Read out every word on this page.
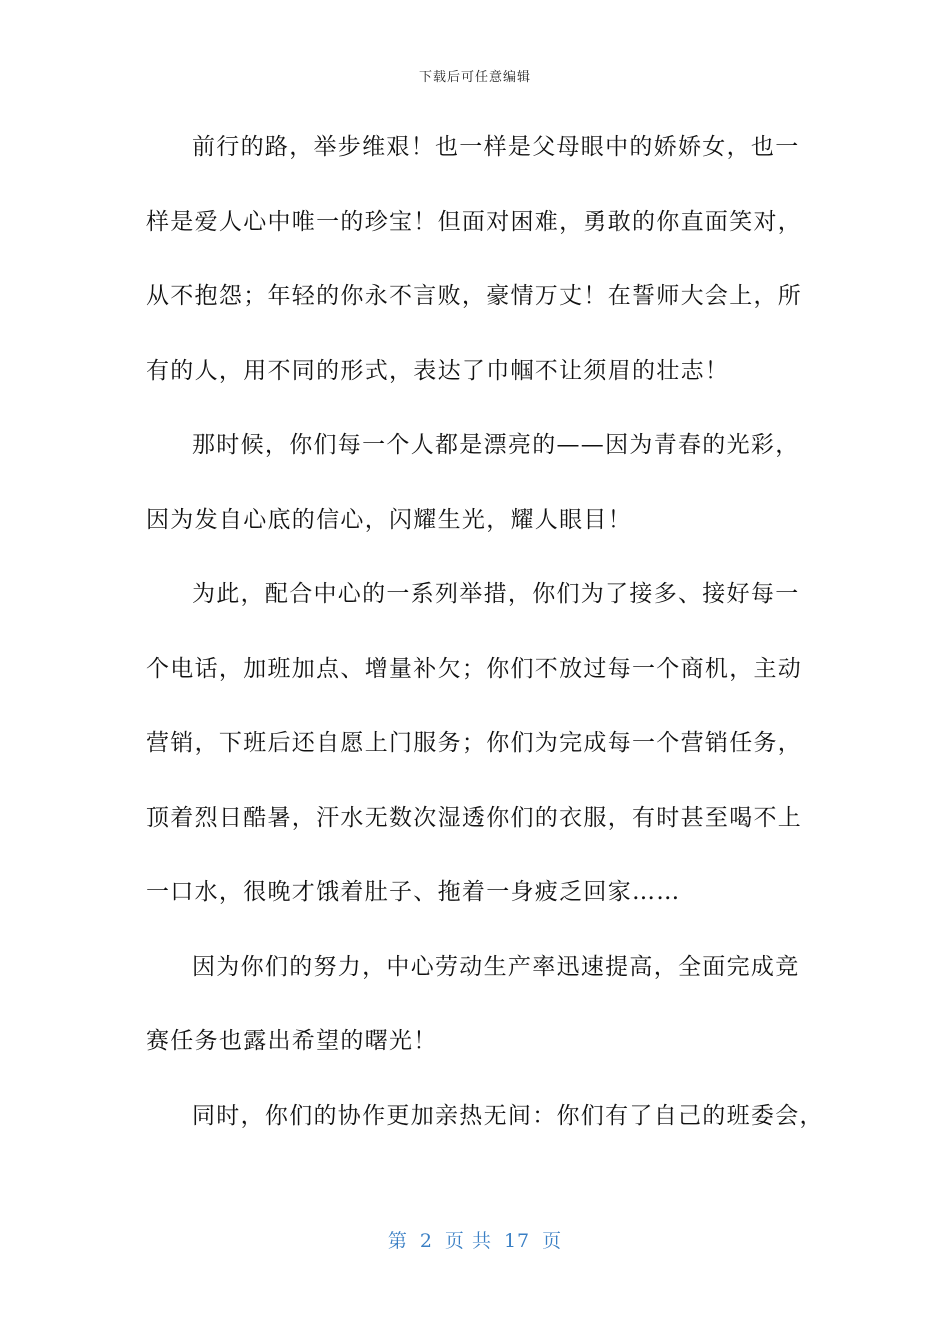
下载后可任意编辑
前行的路，举步维艰！也一样是父母眼中的娇娇女，也一
样是爱人心中唯一的珍宝！但面对困难，勇敢的你直面笑对，
从不抱怨；年轻的你永不言败，豪情万丈！在誓师大会上，所
有的人，用不同的形式，表达了巾帼不让须眉的壮志！
那时候，你们每一个人都是漂亮的——因为青春的光彩，
因为发自心底的信心，闪耀生光，耀人眼目！
为此，配合中心的一系列举措，你们为了接多、接好每一
个电话，加班加点、增量补欠；你们不放过每一个商机，主动
营销，下班后还自愿上门服务；你们为完成每一个营销任务，
顶着烈日酷暑，汗水无数次湿透你们的衣服，有时甚至喝不上
一口水，很晚才饿着肚子、拖着一身疲乏回家……
因为你们的努力，中心劳动生产率迅速提高，全面完成竞
赛任务也露出希望的曙光！
同时，你们的协作更加亲热无间：你们有了自己的班委会，
第 2 页 共 17 页
